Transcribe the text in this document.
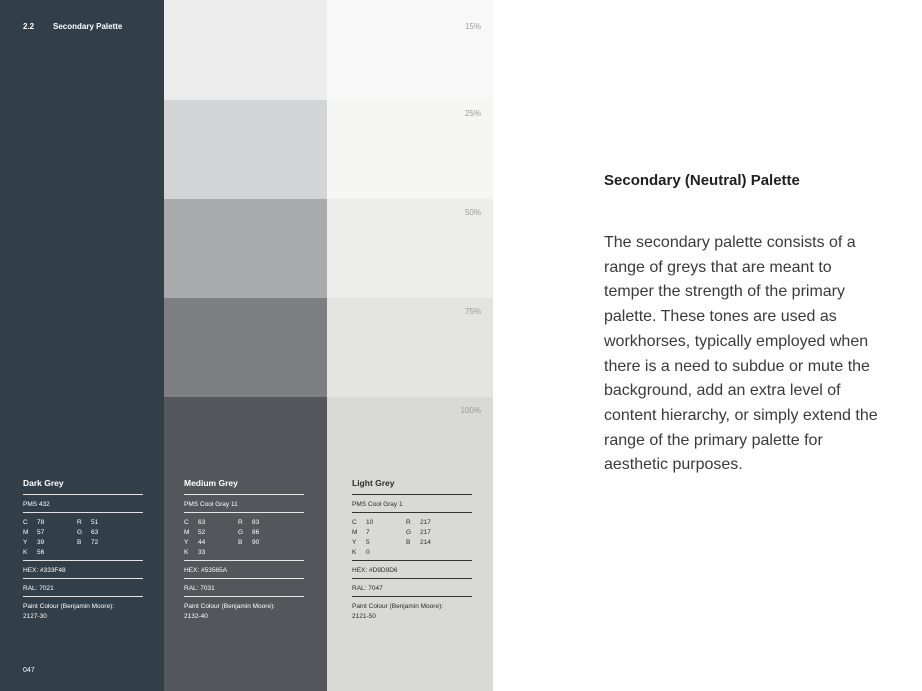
2.2 Secondary Palette
047
Colour	15%
25%
50%
75%
100%
Dark Grey
PMS 432
C 78
M 57
Y 39
K 56
R 51
G 63
B 72
HEX: #333F48
RAL: 7021
Paint Colour (Benjamin Moore):
2127-30
Medium Grey
PMS Cool Gray 11
C 63
M 52
Y 44
K 33
R 83
G 86
B 90
HEX: #53565A
RAL: 7031
Paint Colour (Benjamin Moore):
2132-40
Light Grey
PMS Cool Gray 1
C 10
M 7
Y 5
K 0
R 217
G 217
B 214
HEX: #D9D9D6
RAL: 7047
Paint Colour (Benjamin Moore):
2121-50
Secondary (Neutral) Palette

The secondary palette consists of a range of greys that are meant to temper the strength of the primary palette. These tones are used as workhorses, typically employed when there is a need to subdue or mute the background, add an extra level of content hierarchy, or simply extend the range of the primary palette for aesthetic purposes.
